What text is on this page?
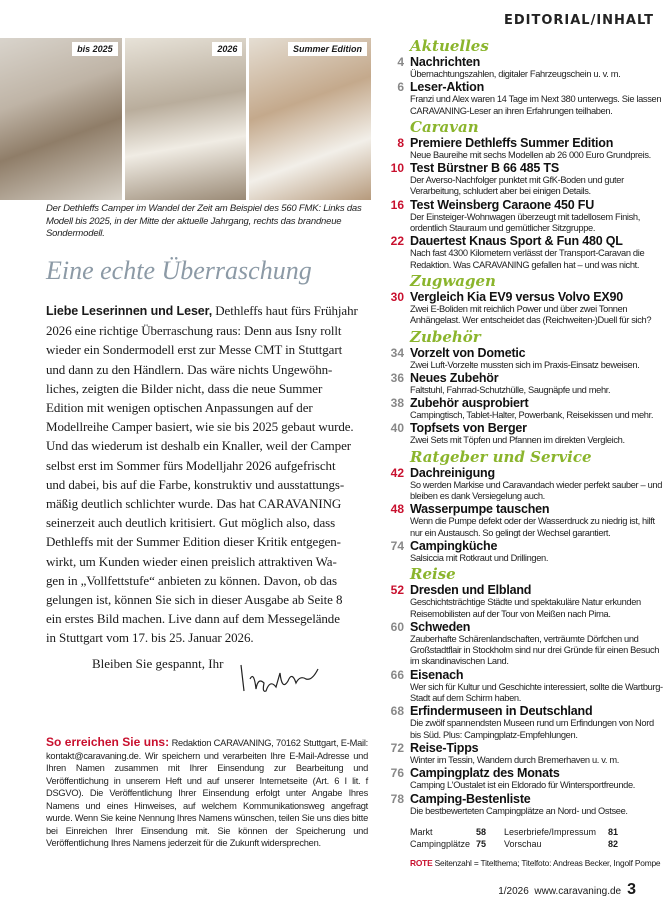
EDITORIAL/INHALT
bis 2025	2026	Summer Edition
Der Dethleffs Camper im Wandel der Zeit am Beispiel des 560 FMK: Links das Modell bis 2025, in der Mitte der aktuelle Jahrgang, rechts das brandneue Sondermodell.
Eine echte Überraschung
Liebe Leserinnen und Leser, Dethleffs haut fürs Frühjahr
2026 eine richtige Überraschung raus: Denn aus Isny rollt
wieder ein Sondermodell erst zur Messe CMT in Stuttgart
und dann zu den Händlern. Das wäre nichts Ungewöhn-
liches, zeigten die Bilder nicht, dass die neue Summer
Edition mit wenigen optischen Anpassungen auf der
Modellreihe Camper basiert, wie sie bis 2025 gebaut wurde.
Und das wiederum ist deshalb ein Knaller, weil der Camper
selbst erst im Sommer fürs Modelljahr 2026 aufgefrischt
und dabei, bis auf die Farbe, konstruktiv und ausstattungs-
mäßig deutlich schlichter wurde. Das hat CARAVANING
seinerzeit auch deutlich kritisiert. Gut möglich also, dass
Dethleffs mit der Summer Edition dieser Kritik entgegen-
wirkt, um Kunden wieder einen preislich attraktiven Wa-
gen in „Vollfettstufe“ anbieten zu können. Davon, ob das
gelungen ist, können Sie sich in dieser Ausgabe ab Seite 8
ein erstes Bild machen. Live dann auf dem Messegelände
in Stuttgart vom 17. bis 25. Januar 2026.

Bleiben Sie gespannt, Ihr
So erreichen Sie uns: Redaktion CARAVANING, 70162 Stuttgart, E-Mail: kontakt@caravaning.de. Wir speichern und verarbeiten Ihre E-Mail-Adresse und Ihren Namen zusammen mit Ihrer Einsendung zur Bearbeitung und Veröffentlichung in unserem Heft und auf unserer Internetseite (Art. 6 I lit. f DSGVO). Die Veröffentlichung Ihrer Einsendung erfolgt unter Angabe Ihres Namens und eines Hinweises, auf welchem Kommunikationsweg angefragt wurde. Wenn Sie keine Nennung Ihres Namens wünschen, teilen Sie uns dies bitte bei Einreichen Ihrer Einsendung mit. Sie können der Speicherung und Veröffentlichung Ihres Namens jederzeit für die Zukunft widersprechen.
Aktuelles
4 Nachrichten
Übernachtungszahlen, digitaler Fahrzeugschein u. v. m.
6 Leser-Aktion
Franzi und Alex waren 14 Tage im Next 380 unterwegs. Sie lassen CARAVANING-Leser an ihren Erfahrungen teilhaben.
Caravan
8 Premiere Dethleffs Summer Edition
Neue Baureihe mit sechs Modellen ab 26 000 Euro Grundpreis.
10 Test Bürstner B 66 485 TS
Der Averso-Nachfolger punktet mit GfK-Boden und guter Verarbeitung, schludert aber bei einigen Details.
16 Test Weinsberg Caraone 450 FU
Der Einsteiger-Wohnwagen überzeugt mit tadellosem Finish, ordentlich Stauraum und gemütlicher Sitzgruppe.
22 Dauertest Knaus Sport & Fun 480 QL
Nach fast 4300 Kilometern verlässt der Transport-Caravan die Redaktion. Was CARAVANING gefallen hat – und was nicht.
Zugwagen
30 Vergleich Kia EV9 versus Volvo EX90
Zwei E-Boliden mit reichlich Power und über zwei Tonnen Anhängelast. Wer entscheidet das (Reichweiten-)Duell für sich?
Zubehör
34 Vorzelt von Dometic
Zwei Luft-Vorzelte mussten sich im Praxis-Einsatz beweisen.
36 Neues Zubehör
Faltstuhl, Fahrrad-Schutzhülle, Saugnäpfe und mehr.
38 Zubehör ausprobiert
Campingtisch, Tablet-Halter, Powerbank, Reisekissen und mehr.
40 Topfsets von Berger
Zwei Sets mit Töpfen und Pfannen im direkten Vergleich.
Ratgeber und Service
42 Dachreinigung
So werden Markise und Caravandach wieder perfekt sauber – und bleiben es dank Versiegelung auch.
48 Wasserpumpe tauschen
Wenn die Pumpe defekt oder der Wasserdruck zu niedrig ist, hilft nur ein Austausch. So gelingt der Wechsel garantiert.
74 Campingküche
Salsiccia mit Rotkraut und Drillingen.
Reise
52 Dresden und Elbland
Geschichtsträchtige Städte und spektakuläre Natur erkunden Reisemobilisten auf der Tour von Meißen nach Pirna.
60 Schweden
Zauberhafte Schärenlandschaften, verträumte Dörfchen und Großstadtflair in Stockholm sind nur drei Gründe für einen Besuch im skandinavischen Land.
66 Eisenach
Wer sich für Kultur und Geschichte interessiert, sollte die Wartburg-Stadt auf dem Schirm haben.
68 Erfindermuseen in Deutschland
Die zwölf spannendsten Museen rund um Erfindungen von Nord bis Süd. Plus: Campingplatz-Empfehlungen.
72 Reise-Tipps
Winter im Tessin, Wandern durch Bremerhaven u. v. m.
76 Campingplatz des Monats
Camping L'Oustalet ist ein Eldorado für Wintersportfreunde.
78 Camping-Bestenliste
Die bestbewerteten Campingplätze an Nord- und Ostsee.
Markt	58	Leserbriefe/Impressum	81
Campingplätze 75	Vorschau	82
ROTE Seitenzahl = Titelthema; Titelfoto: Andreas Becker, Ingolf Pompe
1/2026 www.caravaning.de 3
